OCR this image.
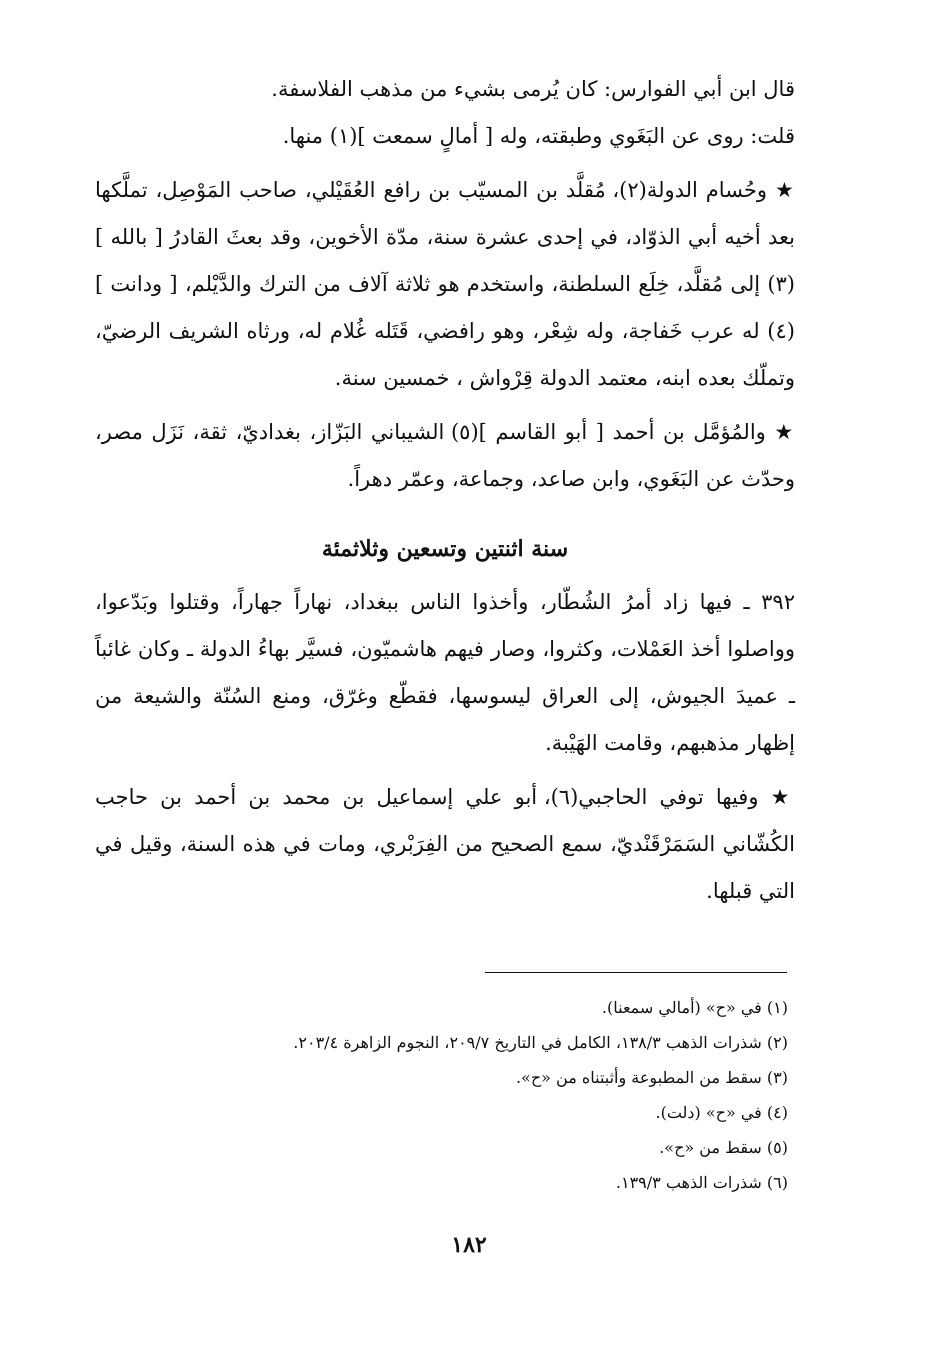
قال ابن أبي الفوارس: كان يُرمى بشيء من مذهب الفلاسفة.

قلت: روى عن البَغَوي وطبقته، وله [ أمالٍ سمعت ](١) منها.

★ وحُسام الدولة(٢)، مُقلَّد بن المسيّب بن رافع العُقَيْلي، صاحب المَوْصِل، تملَّكها بعد أخيه أبي الذوّاد، في إحدى عشرة سنة، مدّة الأخوين، وقد بعثَ القادرُ [ بالله ](٣) إلى مُقلَّد، خِلَع السلطنة، واستخدم هو ثلاثة آلاف من الترك والدَّيْلم، [ ودانت ](٤) له عرب خَفاجة، وله شِعْر، وهو رافضي، قَتَله غُلام له، ورثاه الشريف الرضيّ، وتملّك بعده ابنه، معتمد الدولة قِرْواش ، خمسين سنة.

★ والمُؤمَّل بن أحمد [ أبو القاسم ](٥) الشيباني البَزّاز، بغداديّ، ثقة، نَزَل مصر، وحدّث عن البَغَوي، وابن صاعد، وجماعة، وعمّر دهراً.

سنة اثنتين وتسعين وثلاثمئة

٣٩٢ ـ فيها زاد أمرُ الشُطّار، وأخذوا الناس ببغداد، نهاراً جهاراً، وقتلوا وبَدّعوا، وواصلوا أخذ العَمْلات، وكثروا، وصار فيهم هاشميّون، فسيَّر بهاءُ الدولة ـ وكان غائباً ـ عميدَ الجيوش، إلى العراق ليسوسها، فقطّع وغرّق، ومنع السُنّة والشيعة من إظهار مذهبهم، وقامت الهَيْبة.

★ وفيها توفي الحاجبي(٦)، أبو علي إسماعيل بن محمد بن أحمد بن حاجب الكُشّاني السَمَرْقَنْديّ، سمع الصحيح من الفِرَبْري، ومات في هذه السنة، وقيل في التي قبلها.

(١) في «ح» (أمالي سمعنا).

(٢) شذرات الذهب ١٣٨/٣، الكامل في التاريخ ٢٠٩/٧، النجوم الزاهرة ٢٠٣/٤.

(٣) سقط من المطبوعة وأثبتناه من «ح».

(٤) في «ح» (دلت).

(٥) سقط من «ح».

(٦) شذرات الذهب ١٣٩/٣.

١٨٢
